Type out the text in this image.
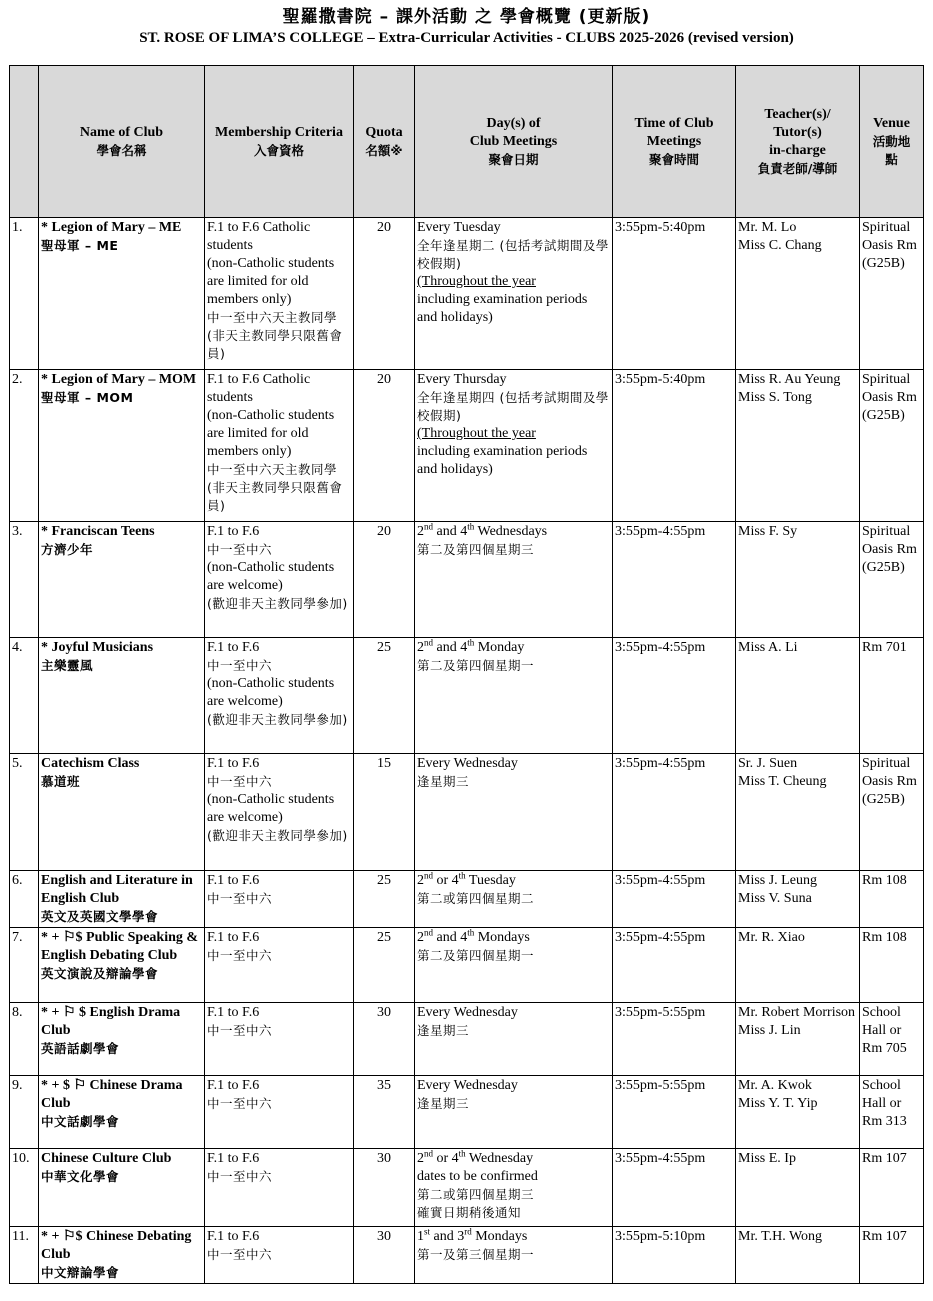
聖羅撒書院 – 課外活動 之 學會概覽 (更新版)
ST. ROSE OF LIMA’S COLLEGE – Extra-Curricular Activities - CLUBS 2025-2026 (revised version)

	Name of Club
學會名稱	Membership Criteria
入會資格	Quota
名額※	Day(s) of
Club Meetings
聚會日期	Time of Club
Meetings
聚會時間	Teacher(s)/
Tutor(s)
in-charge
負責老師/導師	Venue
活動地
點

1.	* Legion of Mary – ME
聖母軍 – ME	F.1 to F.6 Catholic students
(non-Catholic students are limited for old members only)
中一至中六天主教同學 (非天主教同學只限舊會員)	20	Every Tuesday
全年逢星期二 (包括考試期間及學校假期)
(Throughout the year
including examination periods and holidays)	3:55pm-5:40pm	Mr. M. Lo
Miss C. Chang	Spiritual Oasis Rm (G25B)
2.	* Legion of Mary – MOM
聖母軍 – MOM	F.1 to F.6 Catholic students
(non-Catholic students are limited for old members only)
中一至中六天主教同學 (非天主教同學只限舊會員)	20	Every Thursday
全年逢星期四 (包括考試期間及學校假期)
(Throughout the year
including examination periods and holidays)	3:55pm-5:40pm	Miss R. Au Yeung
Miss S. Tong	Spiritual Oasis Rm (G25B)
3.	* Franciscan Teens
方濟少年	F.1 to F.6
中一至中六
(non-Catholic students are welcome)
(歡迎非天主教同學參加)	20	2nd and 4th Wednesdays
第二及第四個星期三	3:55pm-4:55pm	Miss F. Sy	Spiritual Oasis Rm (G25B)
4.	* Joyful Musicians
主樂靈風	F.1 to F.6
中一至中六
(non-Catholic students are welcome)
(歡迎非天主教同學參加)	25	2nd and 4th Monday
第二及第四個星期一	3:55pm-4:55pm	Miss A. Li	Rm 701
5.	Catechism Class
慕道班	F.1 to F.6
中一至中六
(non-Catholic students are welcome)
(歡迎非天主教同學參加)	15	Every Wednesday
逢星期三	3:55pm-4:55pm	Sr. J. Suen
Miss T. Cheung	Spiritual Oasis Rm (G25B)
6.	English and Literature in English Club
英文及英國文學學會	F.1 to F.6
中一至中六	25	2nd or 4th Tuesday
第二或第四個星期二	3:55pm-4:55pm	Miss J. Leung
Miss V. Suna	Rm 108
7.	* + ⚐$ Public Speaking & English Debating Club
英文演說及辯論學會	F.1 to F.6
中一至中六	25	2nd and 4th Mondays
第二及第四個星期一	3:55pm-4:55pm	Mr. R. Xiao	Rm 108
8.	* + ⚐ $ English Drama Club
英語話劇學會	F.1 to F.6
中一至中六	30	Every Wednesday
逢星期三	3:55pm-5:55pm	Mr. Robert Morrison
Miss J. Lin	School Hall or Rm 705
9.	* + $ ⚐ Chinese Drama Club
中文話劇學會	F.1 to F.6
中一至中六	35	Every Wednesday
逢星期三	3:55pm-5:55pm	Mr. A. Kwok
Miss Y. T. Yip	School Hall or Rm 313
10.	Chinese Culture Club
中華文化學會	F.1 to F.6
中一至中六	30	2nd or 4th Wednesday
dates to be confirmed
第二或第四個星期三
確實日期稍後通知	3:55pm-4:55pm	Miss E. Ip	Rm 107
11.	* + ⚐$ Chinese Debating Club
中文辯論學會	F.1 to F.6
中一至中六	30	1st and 3rd Mondays
第一及第三個星期一	3:55pm-5:10pm	Mr. T.H. Wong	Rm 107
